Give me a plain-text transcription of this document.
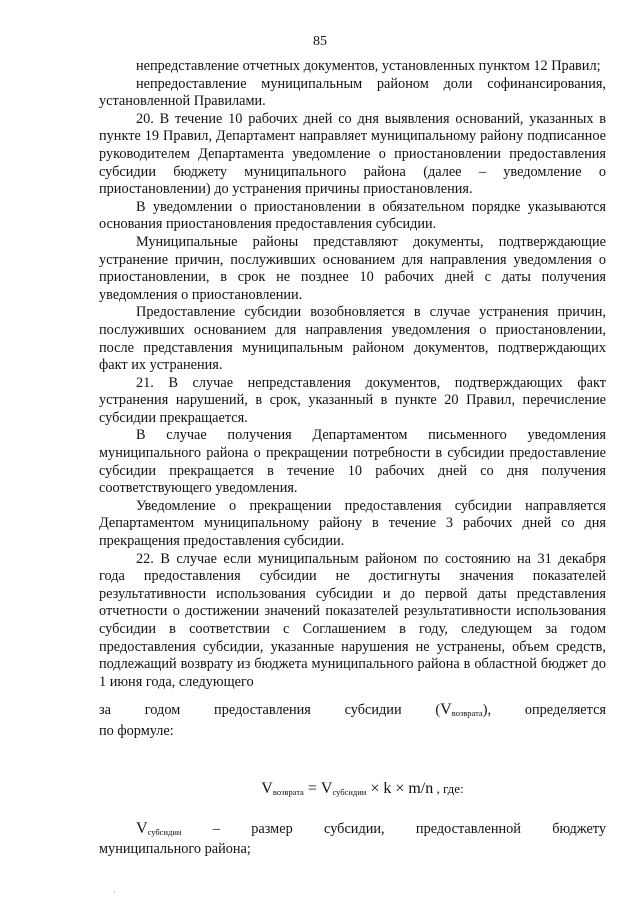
85

непредставление отчетных документов, установленных пунктом 12 Правил;

непредоставление муниципальным районом доли софинансирования, установленной Правилами.

20. В течение 10 рабочих дней со дня выявления оснований, указанных в пункте 19 Правил, Департамент направляет муниципальному району подписанное руководителем Департамента уведомление о приостановлении предоставления субсидии бюджету муниципального района (далее – уведомление о приостановлении) до устранения причины приостановления.

В уведомлении о приостановлении в обязательном порядке указываются основания приостановления предоставления субсидии.

Муниципальные районы представляют документы, подтверждающие устранение причин, послуживших основанием для направления уведомления о приостановлении, в срок не позднее 10 рабочих дней с даты получения уведомления о приостановлении.

Предоставление субсидии возобновляется в случае устранения причин, послуживших основанием для направления уведомления о приостановлении, после представления муниципальным районом документов, подтверждающих факт их устранения.

21. В случае непредставления документов, подтверждающих факт устранения нарушений, в срок, указанный в пункте 20 Правил, перечисление субсидии прекращается.

В случае получения Департаментом письменного уведомления муниципального района о прекращении потребности в субсидии предоставление субсидии прекращается в течение 10 рабочих дней со дня получения соответствующего уведомления.

Уведомление о прекращении предоставления субсидии направляется Департаментом муниципальному району в течение 3 рабочих дней со дня прекращения предоставления субсидии.

22. В случае если муниципальным районом по состоянию на 31 декабря года предоставления субсидии не достигнуты значения показателей результативности использования субсидии и до первой даты представления отчетности о достижении значений показателей результативности использования субсидии в соответствии с Соглашением в году, следующем за годом предоставления субсидии, указанные нарушения не устранены, объем средств, подлежащий возврату из бюджета муниципального района в областной бюджет до 1 июня года, следующего

за годом предоставления субсидии $(V_{возврата})$, определяется
по формуле:
$V_{возврата} = V_{субсидии} \times k \times m/n$ , где:
$V_{субсидии}$ – размер субсидии, предоставленной бюджету
муниципального района;
·
